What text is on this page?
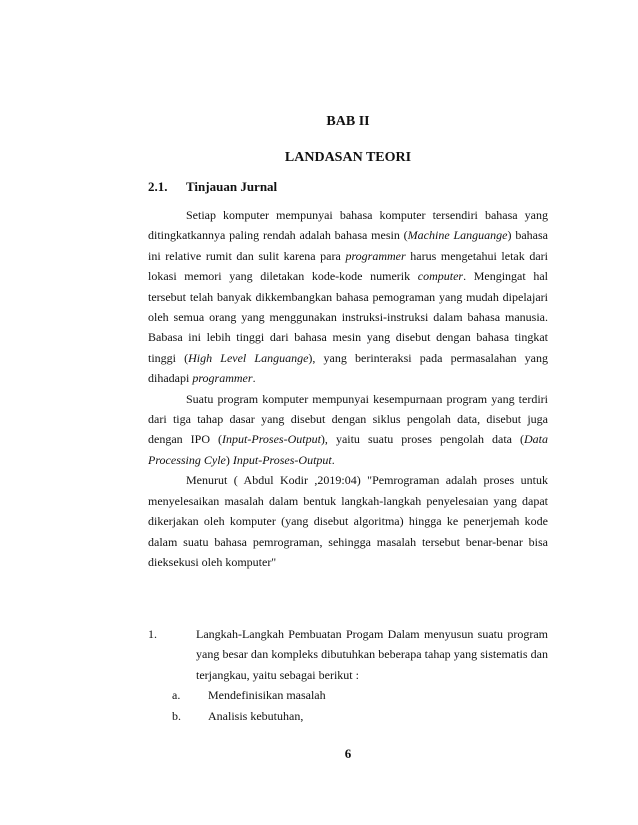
BAB II
LANDASAN TEORI
2.1. Tinjauan Jurnal

Setiap komputer mempunyai bahasa komputer tersendiri bahasa yang ditingkatkannya paling rendah adalah bahasa mesin (Machine Languange) bahasa ini relative rumit dan sulit karena para programmer harus mengetahui letak dari lokasi memori yang diletakan kode-kode numerik computer. Mengingat hal tersebut telah banyak dikkembangkan bahasa pemograman yang mudah dipelajari oleh semua orang yang menggunakan instruksi-instruksi dalam bahasa manusia. Babasa ini lebih tinggi dari bahasa mesin yang disebut dengan bahasa tingkat tinggi (High Level Languange), yang berinteraksi pada permasalahan yang dihadapi programmer.

Suatu program komputer mempunyai kesempurnaan program yang terdiri dari tiga tahap dasar yang disebut dengan siklus pengolah data, disebut juga dengan IPO (Input-Proses-Output), yaitu suatu proses pengolah data (Data Processing Cyle) Input-Proses-Output.

Menurut ( Abdul Kodir ,2019:04) "Pemrograman adalah proses untuk menyelesaikan masalah dalam bentuk langkah-langkah penyelesaian yang dapat dikerjakan oleh komputer (yang disebut algoritma) hingga ke penerjemah kode dalam suatu bahasa pemrograman, sehingga masalah tersebut benar-benar bisa dieksekusi oleh komputer"

1.	Langkah-Langkah Pembuatan Progam Dalam menyusun suatu program yang besar dan kompleks dibutuhkan beberapa tahap yang sistematis dan terjangkau, yaitu sebagai berikut :
a. Mendefinisikan masalah
b. Analisis kebutuhan,
6
